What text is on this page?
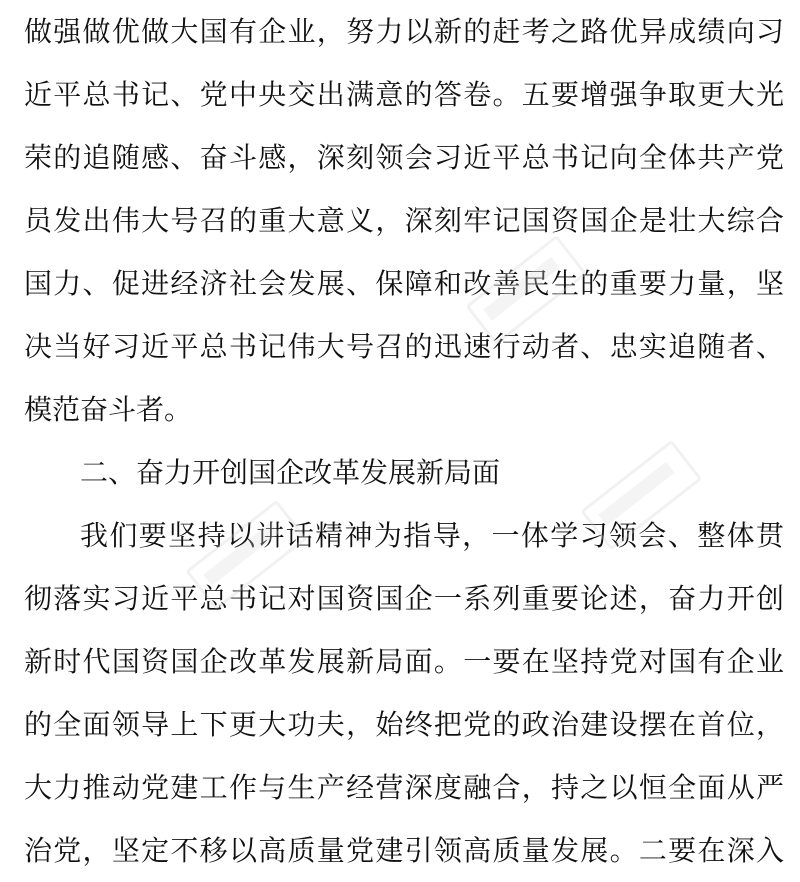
做强做优做大国有企业，努力以新的赶考之路优异成绩向习
近平总书记、党中央交出满意的答卷。五要增强争取更大光
荣的追随感、奋斗感，深刻领会习近平总书记向全体共产党
员发出伟大号召的重大意义，深刻牢记国资国企是壮大综合
国力、促进经济社会发展、保障和改善民生的重要力量，坚
决当好习近平总书记伟大号召的迅速行动者、忠实追随者、
模范奋斗者。
二、奋力开创国企改革发展新局面
我们要坚持以讲话精神为指导，一体学习领会、整体贯
彻落实习近平总书记对国资国企一系列重要论述，奋力开创
新时代国资国企改革发展新局面。一要在坚持党对国有企业
的全面领导上下更大功夫，始终把党的政治建设摆在首位，
大力推动党建工作与生产经营深度融合，持之以恒全面从严
治党，坚定不移以高质量党建引领高质量发展。二要在深入
